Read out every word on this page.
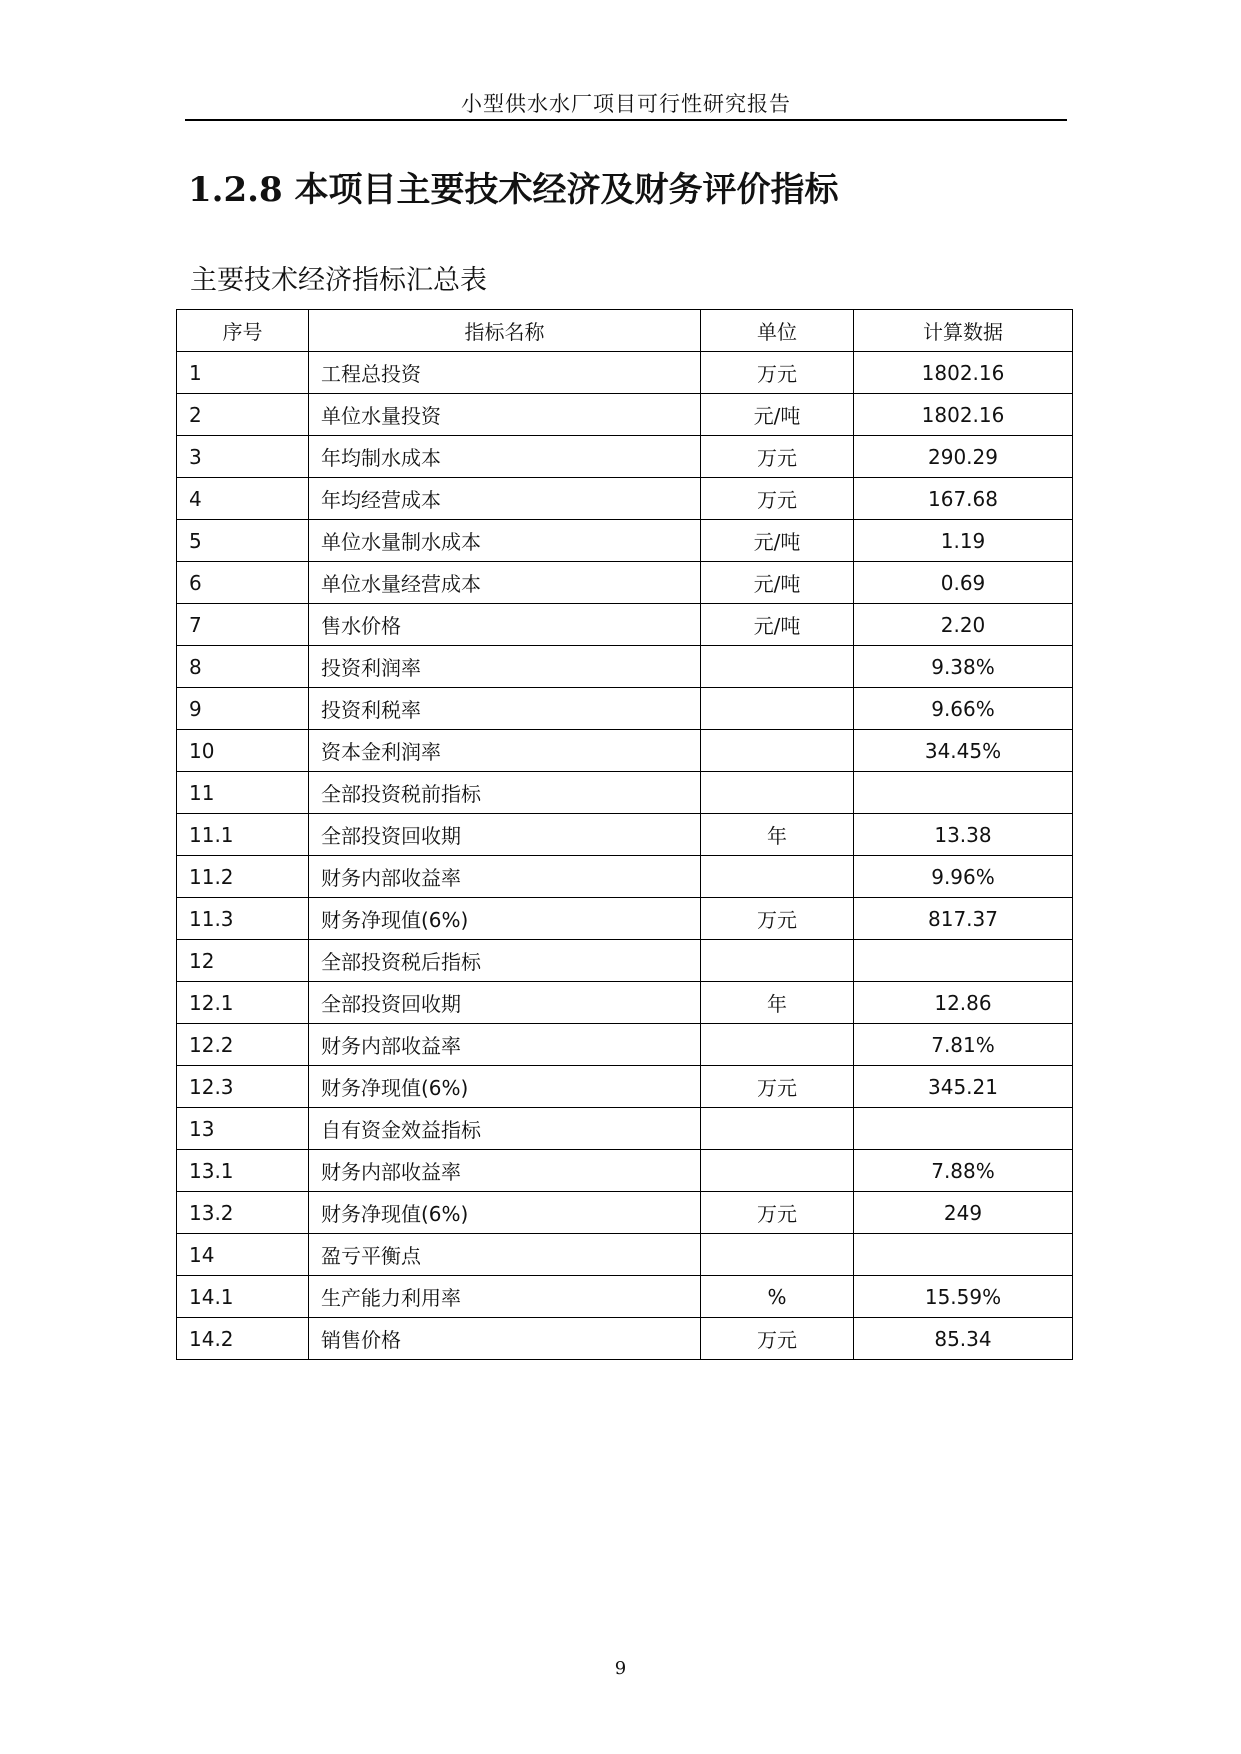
小型供水水厂项目可行性研究报告
1.2.8 本项目主要技术经济及财务评价指标
主要技术经济指标汇总表
序号	指标名称	单位	计算数据
1	工程总投资	万元	1802.16
2	单位水量投资	元/吨	1802.16
3	年均制水成本	万元	290.29
4	年均经营成本	万元	167.68
5	单位水量制水成本	元/吨	1.19
6	单位水量经营成本	元/吨	0.69
7	售水价格	元/吨	2.20
8	投资利润率		9.38%
9	投资利税率		9.66%
10	资本金利润率		34.45%
11	全部投资税前指标		
11.1	全部投资回收期	年	13.38
11.2	财务内部收益率		9.96%
11.3	财务净现值(6%)	万元	817.37
12	全部投资税后指标		
12.1	全部投资回收期	年	12.86
12.2	财务内部收益率		7.81%
12.3	财务净现值(6%)	万元	345.21
13	自有资金效益指标		
13.1	财务内部收益率		7.88%
13.2	财务净现值(6%)	万元	249
14	盈亏平衡点		
14.1	生产能力利用率	%	15.59%
14.2	销售价格	万元	85.34
9
